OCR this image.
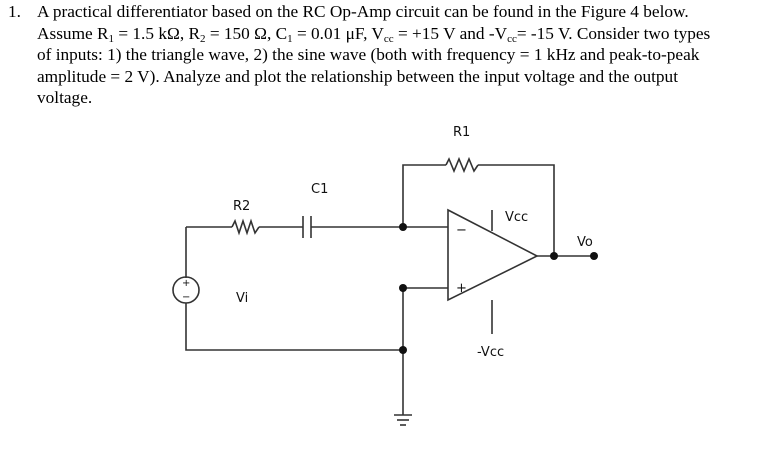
1. A practical differentiator based on the RC Op-Amp circuit can be found in the Figure 4 below.
Assume $R_1 = 1.5$ kΩ, $R_2 = 150$ Ω, $C_1 = 0.01$ μF, $V_{cc} = +15$ V and $-V_{cc}= -15$ V. Consider two types
of inputs: 1) the triangle wave, 2) the sine wave (both with frequency = 1 kHz and peak-to-peak
amplitude = 2 V). Analyze and plot the relationship between the input voltage and the output
voltage.
R1
R2
C1
Vi
Vcc
-Vcc
Vo
−
+
+
−
